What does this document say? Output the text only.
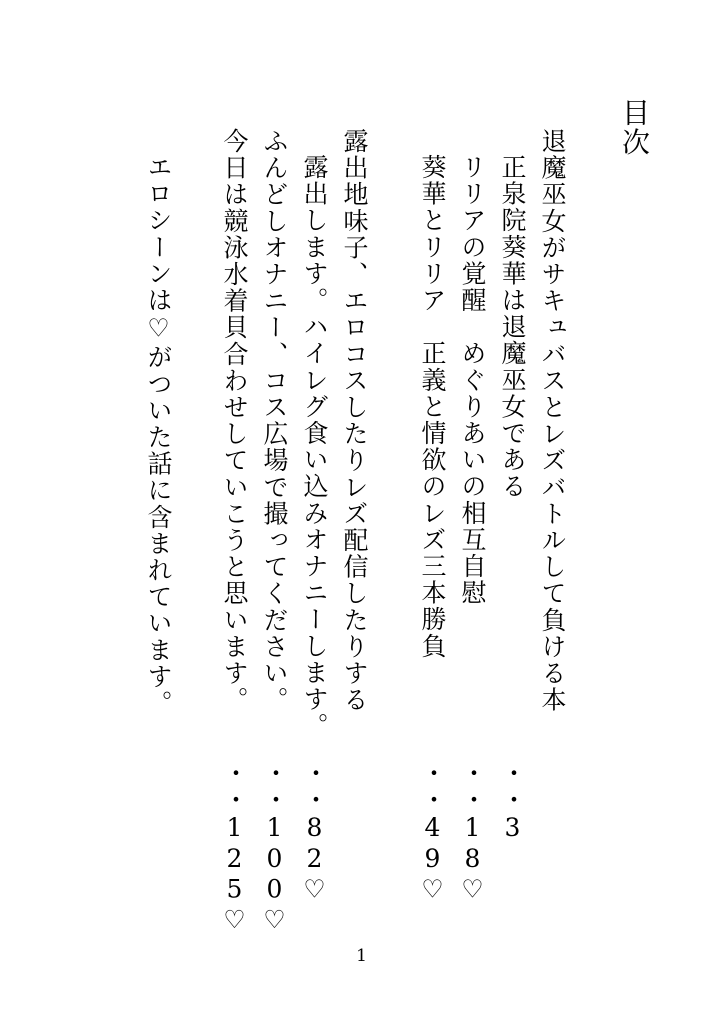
目次
退魔巫女がサキュバスとレズバトルして負ける本
・・3
正泉院葵華は退魔巫女である
リリアの覚醒　めぐりあいの相互自慰
・・18♡
葵華とリリア　正義と情欲のレズ三本勝負
・・49♡
露出地味子、エロコスしたりレズ配信したりする
露出します。ハイレグ食い込みオナニーします。
・・82♡
ふんどしオナニー、コス広場で撮ってください。
・・100♡
今日は競泳水着貝合わせしていこうと思います。
・・125♡
エロシーンは♡がついた話に含まれています。
1
